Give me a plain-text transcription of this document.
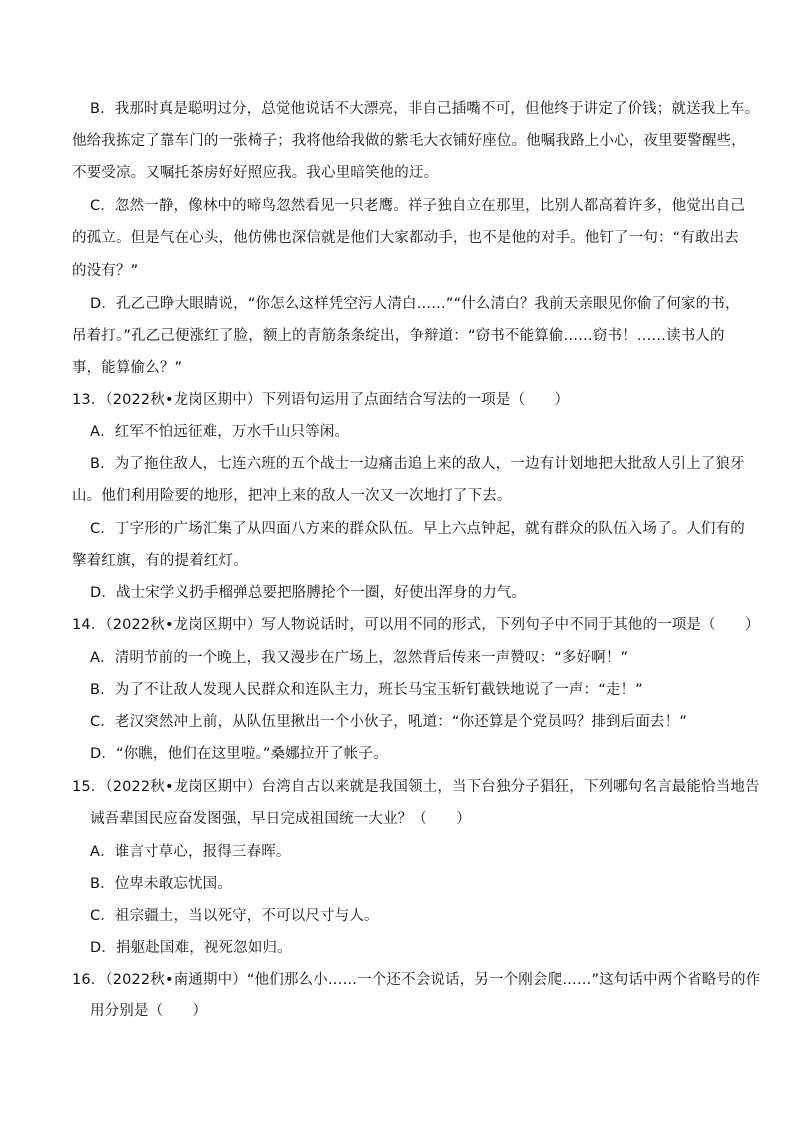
B．我那时真是聪明过分，总觉他说话不大漂亮，非自己插嘴不可，但他终于讲定了价钱；就送我上车。
他给我拣定了靠车门的一张椅子；我将他给我做的紫毛大衣铺好座位。他嘱我路上小心，夜里要警醒些，
不要受凉。又嘱托茶房好好照应我。我心里暗笑他的迂。
C．忽然一静，像林中的啼鸟忽然看见一只老鹰。祥子独自立在那里，比别人都高着许多，他觉出自己
的孤立。但是气在心头，他仿佛也深信就是他们大家都动手，也不是他的对手。他钉了一句：“有敢出去
的没有？”
D．孔乙己睁大眼睛说，“你怎么这样凭空污人清白……”“什么清白？我前天亲眼见你偷了何家的书，
吊着打。”孔乙己便涨红了脸，额上的青筋条条绽出，争辩道：“窃书不能算偷……窃书！……读书人的
事，能算偷么？”
13．（2022秋•龙岗区期中）下列语句运用了点面结合写法的一项是（　　）
A．红军不怕远征难，万水千山只等闲。
B．为了拖住敌人，七连六班的五个战士一边痛击追上来的敌人，一边有计划地把大批敌人引上了狼牙
山。他们利用险要的地形，把冲上来的敌人一次又一次地打了下去。
C．丁字形的广场汇集了从四面八方来的群众队伍。早上六点钟起，就有群众的队伍入场了。人们有的
擎着红旗，有的提着红灯。
D．战士宋学义扔手榴弹总要把胳膊抡个一圈，好使出浑身的力气。
14．（2022秋•龙岗区期中）写人物说话时，可以用不同的形式，下列句子中不同于其他的一项是（　　）
A．清明节前的一个晚上，我又漫步在广场上，忽然背后传来一声赞叹：“多好啊！”
B．为了不让敌人发现人民群众和连队主力，班长马宝玉斩钉截铁地说了一声：“走！”
C．老汉突然冲上前，从队伍里揪出一个小伙子，吼道：“你还算是个党员吗？排到后面去！”
D．“你瞧，他们在这里啦。”桑娜拉开了帐子。
15．（2022秋•龙岗区期中）台湾自古以来就是我国领土，当下台独分子猖狂，下列哪句名言最能恰当地告
诫吾辈国民应奋发图强，早日完成祖国统一大业？（　　）
A．谁言寸草心，报得三春晖。
B．位卑未敢忘忧国。
C．祖宗疆土，当以死守，不可以尺寸与人。
D．捐躯赴国难，视死忽如归。
16．（2022秋•南通期中）“他们那么小……一个还不会说话，另一个刚会爬……”这句话中两个省略号的作
用分别是（　　）
